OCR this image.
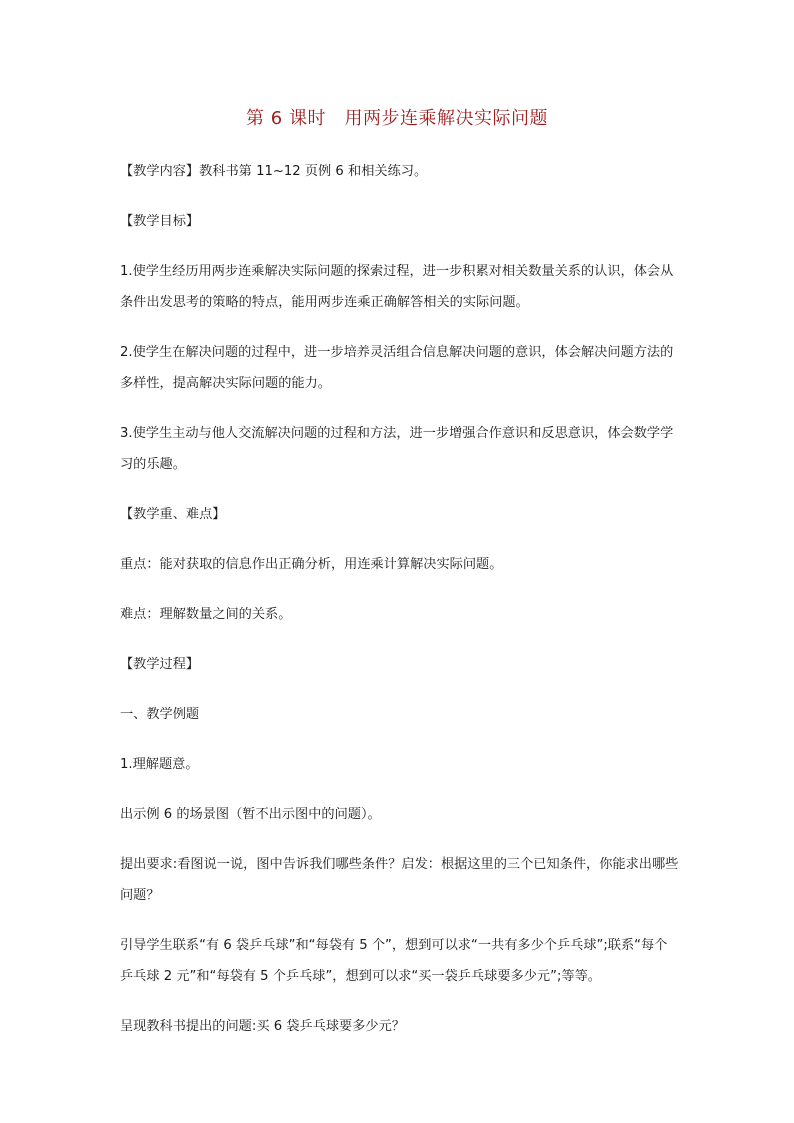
第 6 课时　用两步连乘解决实际问题

【教学内容】教科书第 11~12 页例 6 和相关练习。

【教学目标】

1.使学生经历用两步连乘解决实际问题的探索过程，进一步积累对相关数量关系的认识，体会从条件出发思考的策略的特点，能用两步连乘正确解答相关的实际问题。

2.使学生在解决问题的过程中，进一步培养灵活组合信息解决问题的意识，体会解决问题方法的多样性，提高解决实际问题的能力。

3.使学生主动与他人交流解决问题的过程和方法，进一步增强合作意识和反思意识，体会数学学习的乐趣。

【教学重、难点】

重点：能对获取的信息作出正确分析，用连乘计算解决实际问题。

难点：理解数量之间的关系。

【教学过程】

一、教学例题

1.理解题意。

出示例 6 的场景图（暂不出示图中的问题）。

提出要求:看图说一说，图中告诉我们哪些条件？启发：根据这里的三个已知条件，你能求出哪些问题？

引导学生联系“有 6 袋乒乓球”和“每袋有 5 个”，想到可以求“一共有多少个乒乓球”;联系“每个乒乓球 2 元”和“每袋有 5 个乒乓球”，想到可以求“买一袋乒乓球要多少元”;等等。

呈现教科书提出的问题:买 6 袋乒乓球要多少元？
